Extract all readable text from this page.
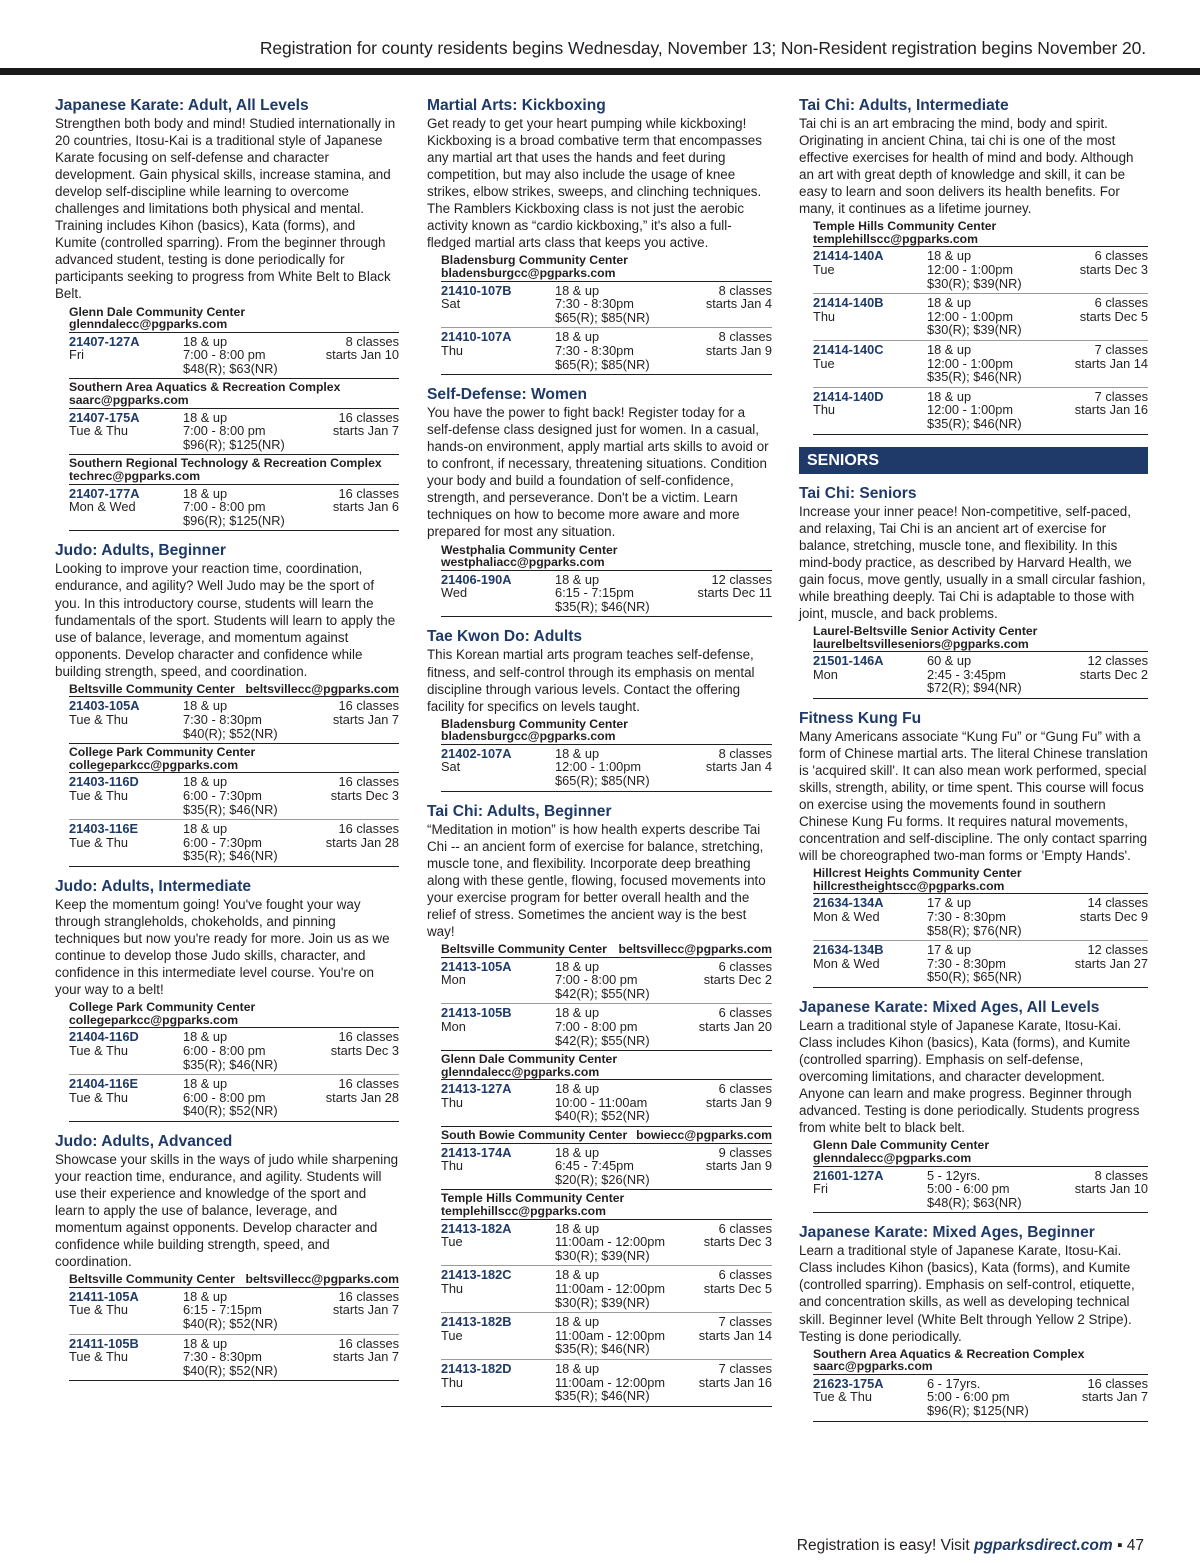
Registration for county residents begins Wednesday, November 13; Non-Resident registration begins November 20.
Japanese Karate: Adult, All Levels
Strengthen both body and mind! Studied internationally in 20 countries, Itosu-Kai is a traditional style of Japanese Karate focusing on self-defense and character development. Gain physical skills, increase stamina, and develop self-discipline while learning to overcome challenges and limitations both physical and mental. Training includes Kihon (basics), Kata (forms), and Kumite (controlled sparring). From the beginner through advanced student, testing is done periodically for participants seeking to progress from White Belt to Black Belt.
Glenn Dale Community Center
glenndalecc@pgparks.com
21407-127A
Fri
18 & up
7:00 - 8:00 pm
$48(R); $63(NR)
8 classes
starts Jan 10
Southern Area Aquatics & Recreation Complex
saarc@pgparks.com
21407-175A
Tue & Thu
18 & up
7:00 - 8:00 pm
$96(R); $125(NR)
16 classes
starts Jan 7
Southern Regional Technology & Recreation Complex
techrec@pgparks.com
21407-177A
Mon & Wed
18 & up
7:00 - 8:00 pm
$96(R); $125(NR)
16 classes
starts Jan 6
Judo: Adults, Beginner
Looking to improve your reaction time, coordination, endurance, and agility? Well Judo may be the sport of you. In this introductory course, students will learn the fundamentals of the sport. Students will learn to apply the use of balance, leverage, and momentum against opponents. Develop character and confidence while building strength, speed, and coordination.
Beltsville Community Center beltsvillecc@pgparks.com
21403-105A
Tue & Thu
18 & up
7:30 - 8:30pm
$40(R); $52(NR)
16 classes
starts Jan 7
College Park Community Center
collegeparkcc@pgparks.com
21403-116D
Tue & Thu
18 & up
6:00 - 7:30pm
$35(R); $46(NR)
16 classes
starts Dec 3
21403-116E
Tue & Thu
18 & up
6:00 - 7:30pm
$35(R); $46(NR)
16 classes
starts Jan 28
Judo: Adults, Intermediate
Keep the momentum going! You've fought your way through strangleholds, chokeholds, and pinning techniques but now you're ready for more. Join us as we continue to develop those Judo skills, character, and confidence in this intermediate level course. You're on your way to a belt!
College Park Community Center
collegeparkcc@pgparks.com
21404-116D
Tue & Thu
18 & up
6:00 - 8:00 pm
$35(R); $46(NR)
16 classes
starts Dec 3
21404-116E
Tue & Thu
18 & up
6:00 - 8:00 pm
$40(R); $52(NR)
16 classes
starts Jan 28
Judo: Adults, Advanced
Showcase your skills in the ways of judo while sharpening your reaction time, endurance, and agility. Students will use their experience and knowledge of the sport and learn to apply the use of balance, leverage, and momentum against opponents. Develop character and confidence while building strength, speed, and coordination.
Beltsville Community Center beltsvillecc@pgparks.com
21411-105A
Tue & Thu
18 & up
6:15 - 7:15pm
$40(R); $52(NR)
16 classes
starts Jan 7
21411-105B
Tue & Thu
18 & up
7:30 - 8:30pm
$40(R); $52(NR)
16 classes
starts Jan 7
Martial Arts: Kickboxing
Get ready to get your heart pumping while kickboxing! Kickboxing is a broad combative term that encompasses any martial art that uses the hands and feet during competition, but may also include the usage of knee strikes, elbow strikes, sweeps, and clinching techniques. The Ramblers Kickboxing class is not just the aerobic activity known as “cardio kickboxing,” it's also a full-fledged martial arts class that keeps you active.
Bladensburg Community Center
bladensburgcc@pgparks.com
21410-107B
Sat
18 & up
7:30 - 8:30pm
$65(R); $85(NR)
8 classes
starts Jan 4
21410-107A
Thu
18 & up
7:30 - 8:30pm
$65(R); $85(NR)
8 classes
starts Jan 9
Self-Defense: Women
You have the power to fight back! Register today for a self-defense class designed just for women. In a casual, hands-on environment, apply martial arts skills to avoid or to confront, if necessary, threatening situations. Condition your body and build a foundation of self-confidence, strength, and perseverance. Don't be a victim. Learn techniques on how to become more aware and more prepared for most any situation.
Westphalia Community Center
westphaliacc@pgparks.com
21406-190A
Wed
18 & up
6:15 - 7:15pm
$35(R); $46(NR)
12 classes
starts Dec 11
Tae Kwon Do: Adults
This Korean martial arts program teaches self-defense, fitness, and self-control through its emphasis on mental discipline through various levels. Contact the offering facility for specifics on levels taught.
Bladensburg Community Center
bladensburgcc@pgparks.com
21402-107A
Sat
18 & up
12:00 - 1:00pm
$65(R); $85(NR)
8 classes
starts Jan 4
Tai Chi: Adults, Beginner
“Meditation in motion” is how health experts describe Tai Chi -- an ancient form of exercise for balance, stretching, muscle tone, and flexibility. Incorporate deep breathing along with these gentle, flowing, focused movements into your exercise program for better overall health and the relief of stress. Sometimes the ancient way is the best way!
Beltsville Community Center beltsvillecc@pgparks.com
21413-105A
Mon
18 & up
7:00 - 8:00 pm
$42(R); $55(NR)
6 classes
starts Dec 2
21413-105B
Mon
18 & up
7:00 - 8:00 pm
$42(R); $55(NR)
6 classes
starts Jan 20
Glenn Dale Community Center
glenndalecc@pgparks.com
21413-127A
Thu
18 & up
10:00 - 11:00am
$40(R); $52(NR)
6 classes
starts Jan 9
South Bowie Community Center bowiecc@pgparks.com
21413-174A
Thu
18 & up
6:45 - 7:45pm
$20(R); $26(NR)
9 classes
starts Jan 9
Temple Hills Community Center
templehillscc@pgparks.com
21413-182A
Tue
18 & up
11:00am - 12:00pm
$30(R); $39(NR)
6 classes
starts Dec 3
21413-182C
Thu
18 & up
11:00am - 12:00pm
$30(R); $39(NR)
6 classes
starts Dec 5
21413-182B
Tue
18 & up
11:00am - 12:00pm
$35(R); $46(NR)
7 classes
starts Jan 14
21413-182D
Thu
18 & up
11:00am - 12:00pm
$35(R); $46(NR)
7 classes
starts Jan 16
Tai Chi: Adults, Intermediate
Tai chi is an art embracing the mind, body and spirit. Originating in ancient China, tai chi is one of the most effective exercises for health of mind and body. Although an art with great depth of knowledge and skill, it can be easy to learn and soon delivers its health benefits. For many, it continues as a lifetime journey.
Temple Hills Community Center
templehillscc@pgparks.com
21414-140A
Tue
18 & up
12:00 - 1:00pm
$30(R); $39(NR)
6 classes
starts Dec 3
21414-140B
Thu
18 & up
12:00 - 1:00pm
$30(R); $39(NR)
6 classes
starts Dec 5
21414-140C
Tue
18 & up
12:00 - 1:00pm
$35(R); $46(NR)
7 classes
starts Jan 14
21414-140D
Thu
18 & up
12:00 - 1:00pm
$35(R); $46(NR)
7 classes
starts Jan 16
SENIORS
Tai Chi: Seniors
Increase your inner peace! Non-competitive, self-paced, and relaxing, Tai Chi is an ancient art of exercise for balance, stretching, muscle tone, and flexibility. In this mind-body practice, as described by Harvard Health, we gain focus, move gently, usually in a small circular fashion, while breathing deeply. Tai Chi is adaptable to those with joint, muscle, and back problems.
Laurel-Beltsville Senior Activity Center
laurelbeltsvilleseniors@pgparks.com
21501-146A
Mon
60 & up
2:45 - 3:45pm
$72(R); $94(NR)
12 classes
starts Dec 2
Fitness Kung Fu
Many Americans associate “Kung Fu” or “Gung Fu” with a form of Chinese martial arts. The literal Chinese translation is 'acquired skill'. It can also mean work performed, special skills, strength, ability, or time spent. This course will focus on exercise using the movements found in southern Chinese Kung Fu forms. It requires natural movements, concentration and self-discipline. The only contact sparring will be choreographed two-man forms or 'Empty Hands'.
Hillcrest Heights Community Center
hillcrestheightscc@pgparks.com
21634-134A
Mon & Wed
17 & up
7:30 - 8:30pm
$58(R); $76(NR)
14 classes
starts Dec 9
21634-134B
Mon & Wed
17 & up
7:30 - 8:30pm
$50(R); $65(NR)
12 classes
starts Jan 27
Japanese Karate: Mixed Ages, All Levels
Learn a traditional style of Japanese Karate, Itosu-Kai. Class includes Kihon (basics), Kata (forms), and Kumite (controlled sparring). Emphasis on self-defense, overcoming limitations, and character development. Anyone can learn and make progress. Beginner through advanced. Testing is done periodically. Students progress from white belt to black belt.
Glenn Dale Community Center
glenndalecc@pgparks.com
21601-127A
Fri
5 - 12yrs.
5:00 - 6:00 pm
$48(R); $63(NR)
8 classes
starts Jan 10
Japanese Karate: Mixed Ages, Beginner
Learn a traditional style of Japanese Karate, Itosu-Kai. Class includes Kihon (basics), Kata (forms), and Kumite (controlled sparring). Emphasis on self-control, etiquette, and concentration skills, as well as developing technical skill. Beginner level (White Belt through Yellow 2 Stripe). Testing is done periodically.
Southern Area Aquatics & Recreation Complex
saarc@pgparks.com
21623-175A
Tue & Thu
6 - 17yrs.
5:00 - 6:00 pm
$96(R); $125(NR)
16 classes
starts Jan 7
Registration is easy! Visit pgparksdirect.com ▪ 47
